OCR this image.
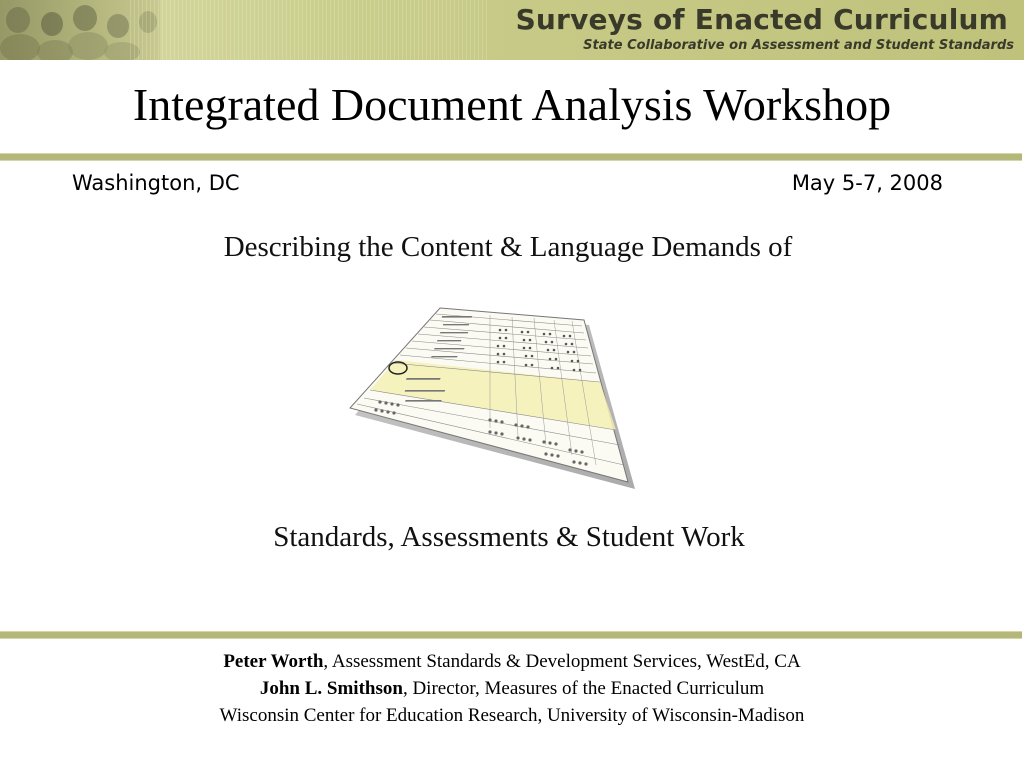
Surveys of Enacted Curriculum
State Collaborative on Assessment and Student Standards
Integrated Document Analysis Workshop
Washington, DC	May 5-7, 2008
Describing the Content & Language Demands of
Standards, Assessments & Student Work
Peter Worth, Assessment Standards & Development Services, WestEd, CA
John L. Smithson, Director, Measures of the Enacted Curriculum
Wisconsin Center for Education Research, University of Wisconsin-Madison
